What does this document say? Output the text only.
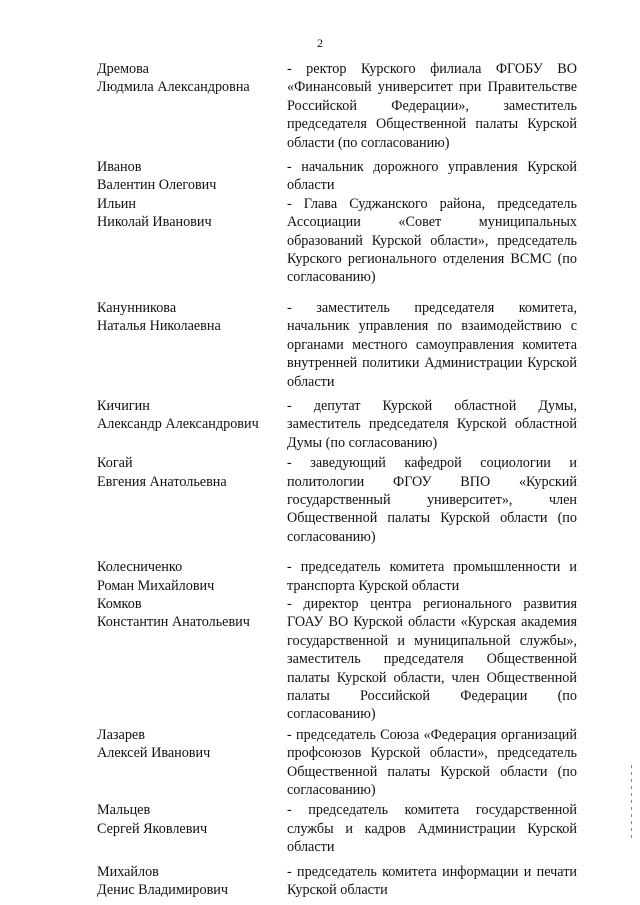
2
Дремова
Людмила Александровна
- ректор Курского филиала ФГОБУ ВО «Финансовый университет при Правительстве Российской Федерации», заместитель председателя Общественной палаты Курской области (по согласованию)
Иванов
Валентин Олегович
- начальник дорожного управления Курской области
Ильин
Николай Иванович
- Глава Суджанского района, председатель Ассоциации «Совет муниципальных образований Курской области», председатель Курского регионального отделения ВСМС (по согласованию)
Канунникова
Наталья Николаевна
- заместитель председателя комитета, начальник управления по взаимодействию с органами местного самоуправления комитета внутренней политики Администрации Курской области
Кичигин
Александр Александрович
- депутат Курской областной Думы, заместитель председателя Курской областной Думы (по согласованию)
Когай
Евгения Анатольевна
- заведующий кафедрой социологии и политологии ФГОУ ВПО «Курский государственный университет», член Общественной палаты Курской области (по согласованию)
Колесниченко
Роман Михайлович
- председатель комитета промышленности и транспорта Курской области
Комков
Константин Анатольевич
- директор центра регионального развития ГОАУ ВО Курской области «Курская академия государственной и муниципальной службы», заместитель председателя Общественной палаты Курской области, член Общественной палаты Российской Федерации (по согласованию)
Лазарев
Алексей Иванович
- председатель Союза «Федерация организаций профсоюзов Курской области», председатель Общественной палаты Курской области (по согласованию)
Мальцев
Сергей Яковлевич
- председатель комитета государственной службы и кадров Администрации Курской области
Михайлов
Денис Владимирович
- председатель комитета информации и печати Курской области
